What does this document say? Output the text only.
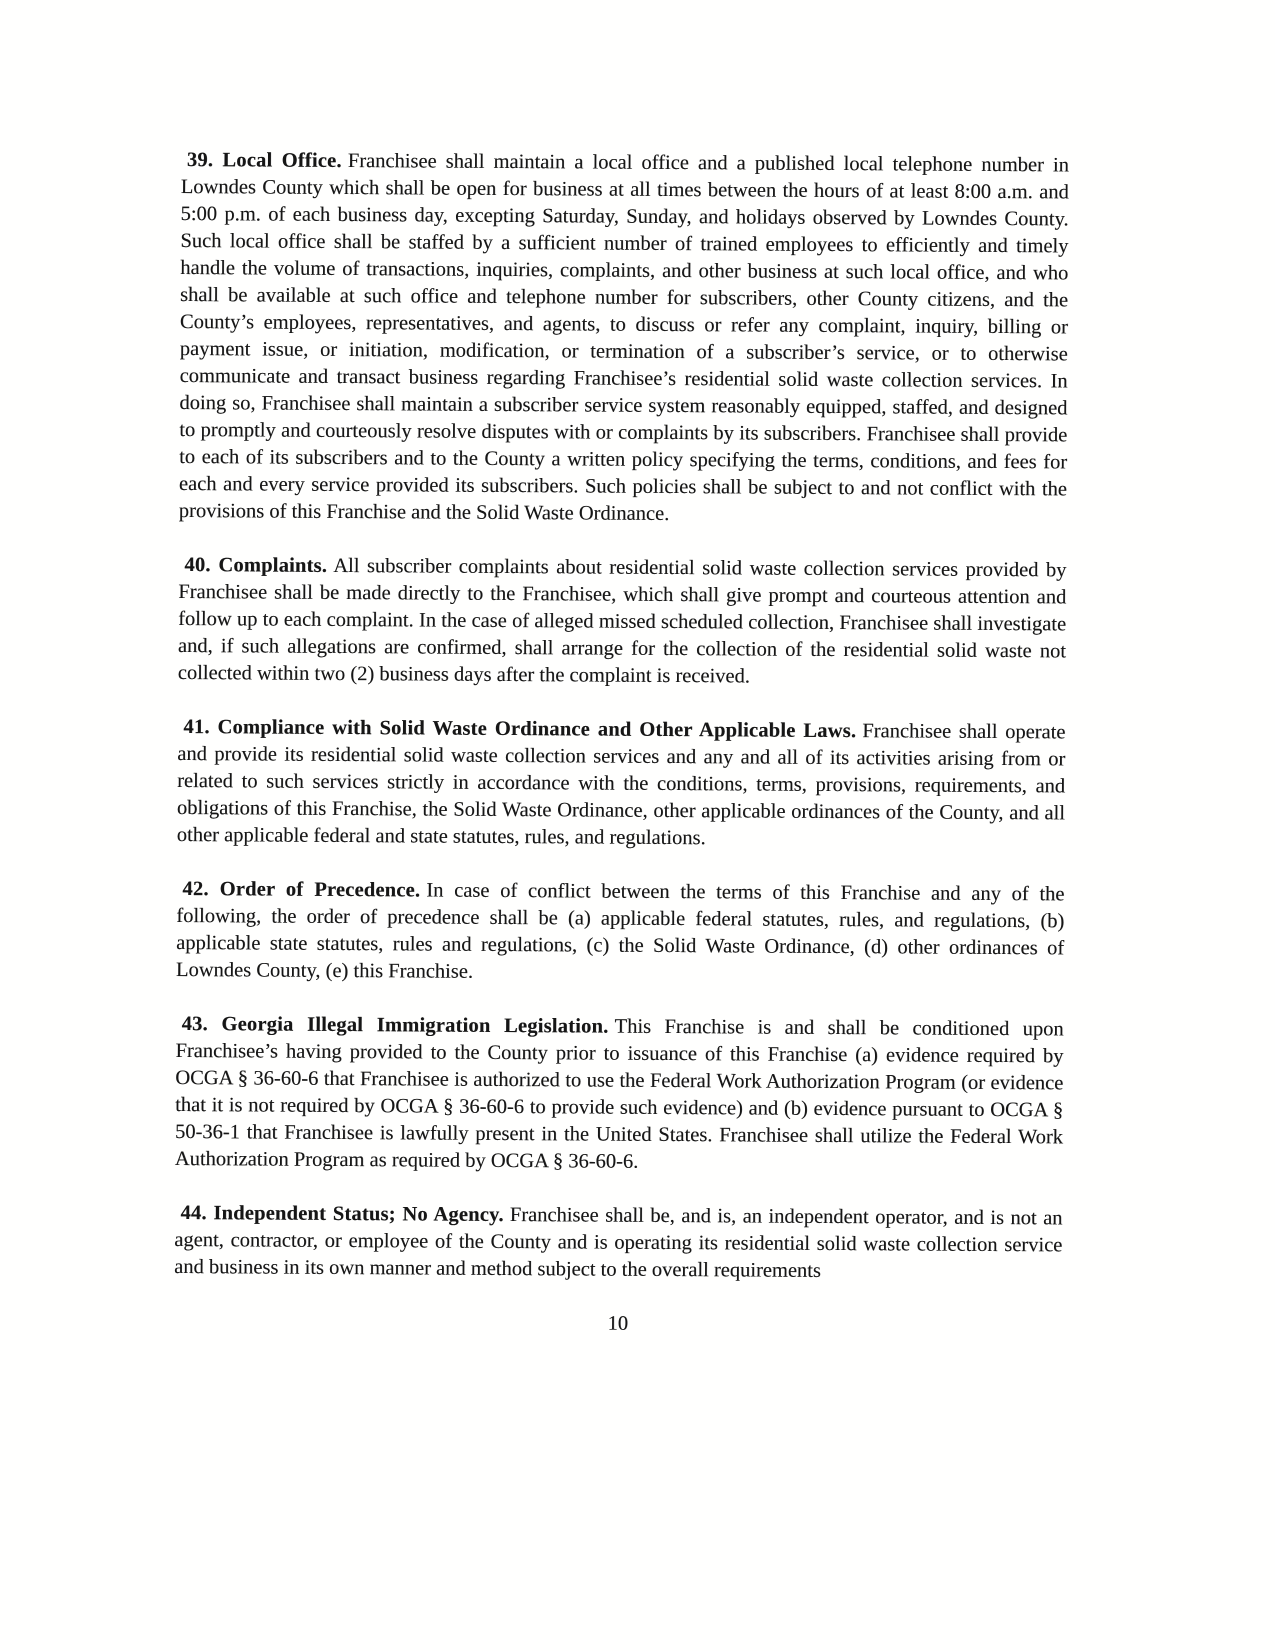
39. Local Office. Franchisee shall maintain a local office and a published local telephone number in Lowndes County which shall be open for business at all times between the hours of at least 8:00 a.m. and 5:00 p.m. of each business day, excepting Saturday, Sunday, and holidays observed by Lowndes County. Such local office shall be staffed by a sufficient number of trained employees to efficiently and timely handle the volume of transactions, inquiries, complaints, and other business at such local office, and who shall be available at such office and telephone number for subscribers, other County citizens, and the County’s employees, representatives, and agents, to discuss or refer any complaint, inquiry, billing or payment issue, or initiation, modification, or termination of a subscriber’s service, or to otherwise communicate and transact business regarding Franchisee’s residential solid waste collection services. In doing so, Franchisee shall maintain a subscriber service system reasonably equipped, staffed, and designed to promptly and courteously resolve disputes with or complaints by its subscribers. Franchisee shall provide to each of its subscribers and to the County a written policy specifying the terms, conditions, and fees for each and every service provided its subscribers. Such policies shall be subject to and not conflict with the provisions of this Franchise and the Solid Waste Ordinance.

40. Complaints. All subscriber complaints about residential solid waste collection services provided by Franchisee shall be made directly to the Franchisee, which shall give prompt and courteous attention and follow up to each complaint. In the case of alleged missed scheduled collection, Franchisee shall investigate and, if such allegations are confirmed, shall arrange for the collection of the residential solid waste not collected within two (2) business days after the complaint is received.

41. Compliance with Solid Waste Ordinance and Other Applicable Laws. Franchisee shall operate and provide its residential solid waste collection services and any and all of its activities arising from or related to such services strictly in accordance with the conditions, terms, provisions, requirements, and obligations of this Franchise, the Solid Waste Ordinance, other applicable ordinances of the County, and all other applicable federal and state statutes, rules, and regulations.

42. Order of Precedence. In case of conflict between the terms of this Franchise and any of the following, the order of precedence shall be (a) applicable federal statutes, rules, and regulations, (b) applicable state statutes, rules and regulations, (c) the Solid Waste Ordinance, (d) other ordinances of Lowndes County, (e) this Franchise.

43. Georgia Illegal Immigration Legislation. This Franchise is and shall be conditioned upon Franchisee’s having provided to the County prior to issuance of this Franchise (a) evidence required by OCGA § 36-60-6 that Franchisee is authorized to use the Federal Work Authorization Program (or evidence that it is not required by OCGA § 36-60-6 to provide such evidence) and (b) evidence pursuant to OCGA § 50-36-1 that Franchisee is lawfully present in the United States. Franchisee shall utilize the Federal Work Authorization Program as required by OCGA § 36-60-6.

44. Independent Status; No Agency. Franchisee shall be, and is, an independent operator, and is not an agent, contractor, or employee of the County and is operating its residential solid waste collection service and business in its own manner and method subject to the overall requirements

10
